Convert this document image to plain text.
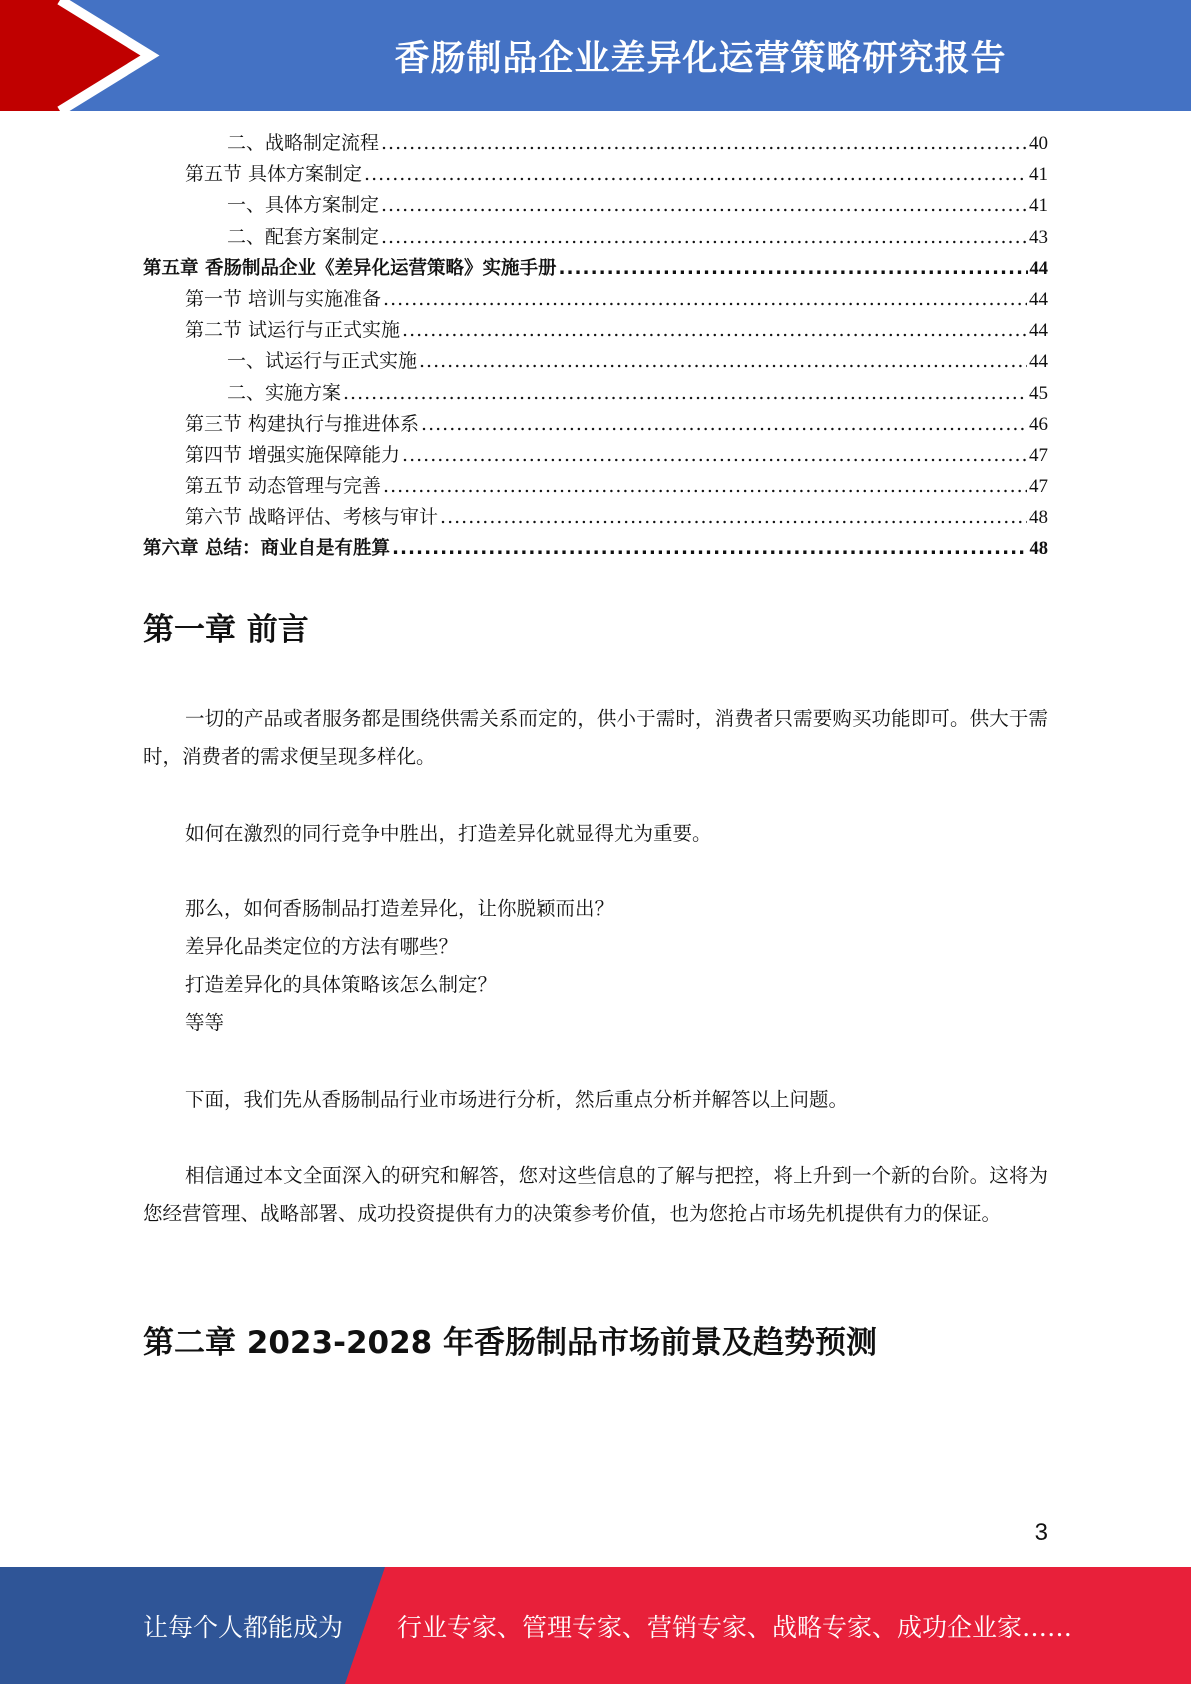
香肠制品企业差异化运营策略研究报告
二、战略制定流程 .....	40
第五节 具体方案制定 .....	41
一、具体方案制定 .....	41
二、配套方案制定 .....	43
第五章 香肠制品企业《差异化运营策略》实施手册 .....	44
第一节 培训与实施准备 .....	44
第二节 试运行与正式实施 .....	44
一、试运行与正式实施 .....	44
二、实施方案 .....	45
第三节 构建执行与推进体系 .....	46
第四节 增强实施保障能力 .....	47
第五节 动态管理与完善 .....	47
第六节 战略评估、考核与审计 .....	48
第六章 总结：商业自是有胜算 .....	48
第一章 前言
一切的产品或者服务都是围绕供需关系而定的，供小于需时，消费者只需要购买功能即可。供大于需时，消费者的需求便呈现多样化。
如何在激烈的同行竞争中胜出，打造差异化就显得尤为重要。
那么，如何香肠制品打造差异化，让你脱颖而出？
差异化品类定位的方法有哪些？
打造差异化的具体策略该怎么制定？
等等
下面，我们先从香肠制品行业市场进行分析，然后重点分析并解答以上问题。
相信通过本文全面深入的研究和解答，您对这些信息的了解与把控，将上升到一个新的台阶。这将为您经营管理、战略部署、成功投资提供有力的决策参考价值，也为您抢占市场先机提供有力的保证。
第二章 2023-2028 年香肠制品市场前景及趋势预测
3
让每个人都能成为 行业专家、管理专家、营销专家、战略专家、成功企业家……
